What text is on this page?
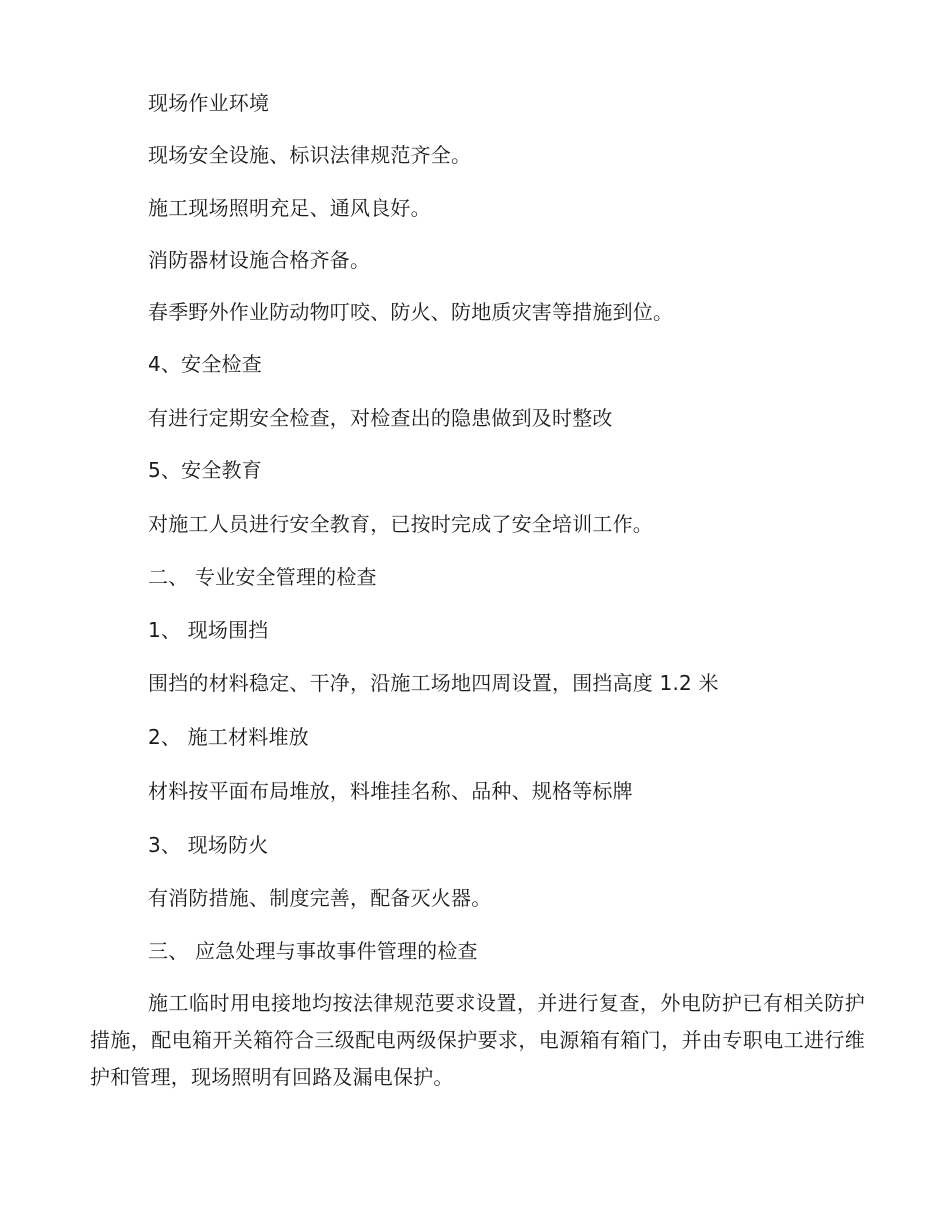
现场作业环境
现场安全设施、标识法律规范齐全。
施工现场照明充足、通风良好。
消防器材设施合格齐备。
春季野外作业防动物叮咬、防火、防地质灾害等措施到位。
4、安全检查
有进行定期安全检查，对检查出的隐患做到及时整改
5、安全教育
对施工人员进行安全教育，已按时完成了安全培训工作。
二、 专业安全管理的检查
1、 现场围挡
围挡的材料稳定、干净，沿施工场地四周设置，围挡高度 1.2 米
2、 施工材料堆放
材料按平面布局堆放，料堆挂名称、品种、规格等标牌
3、 现场防火
有消防措施、制度完善，配备灭火器。
三、 应急处理与事故事件管理的检查
施工临时用电接地均按法律规范要求设置，并进行复查，外电防护已有相关防护措施，配电箱开关箱符合三级配电两级保护要求，电源箱有箱门，并由专职电工进行维护和管理，现场照明有回路及漏电保护。
